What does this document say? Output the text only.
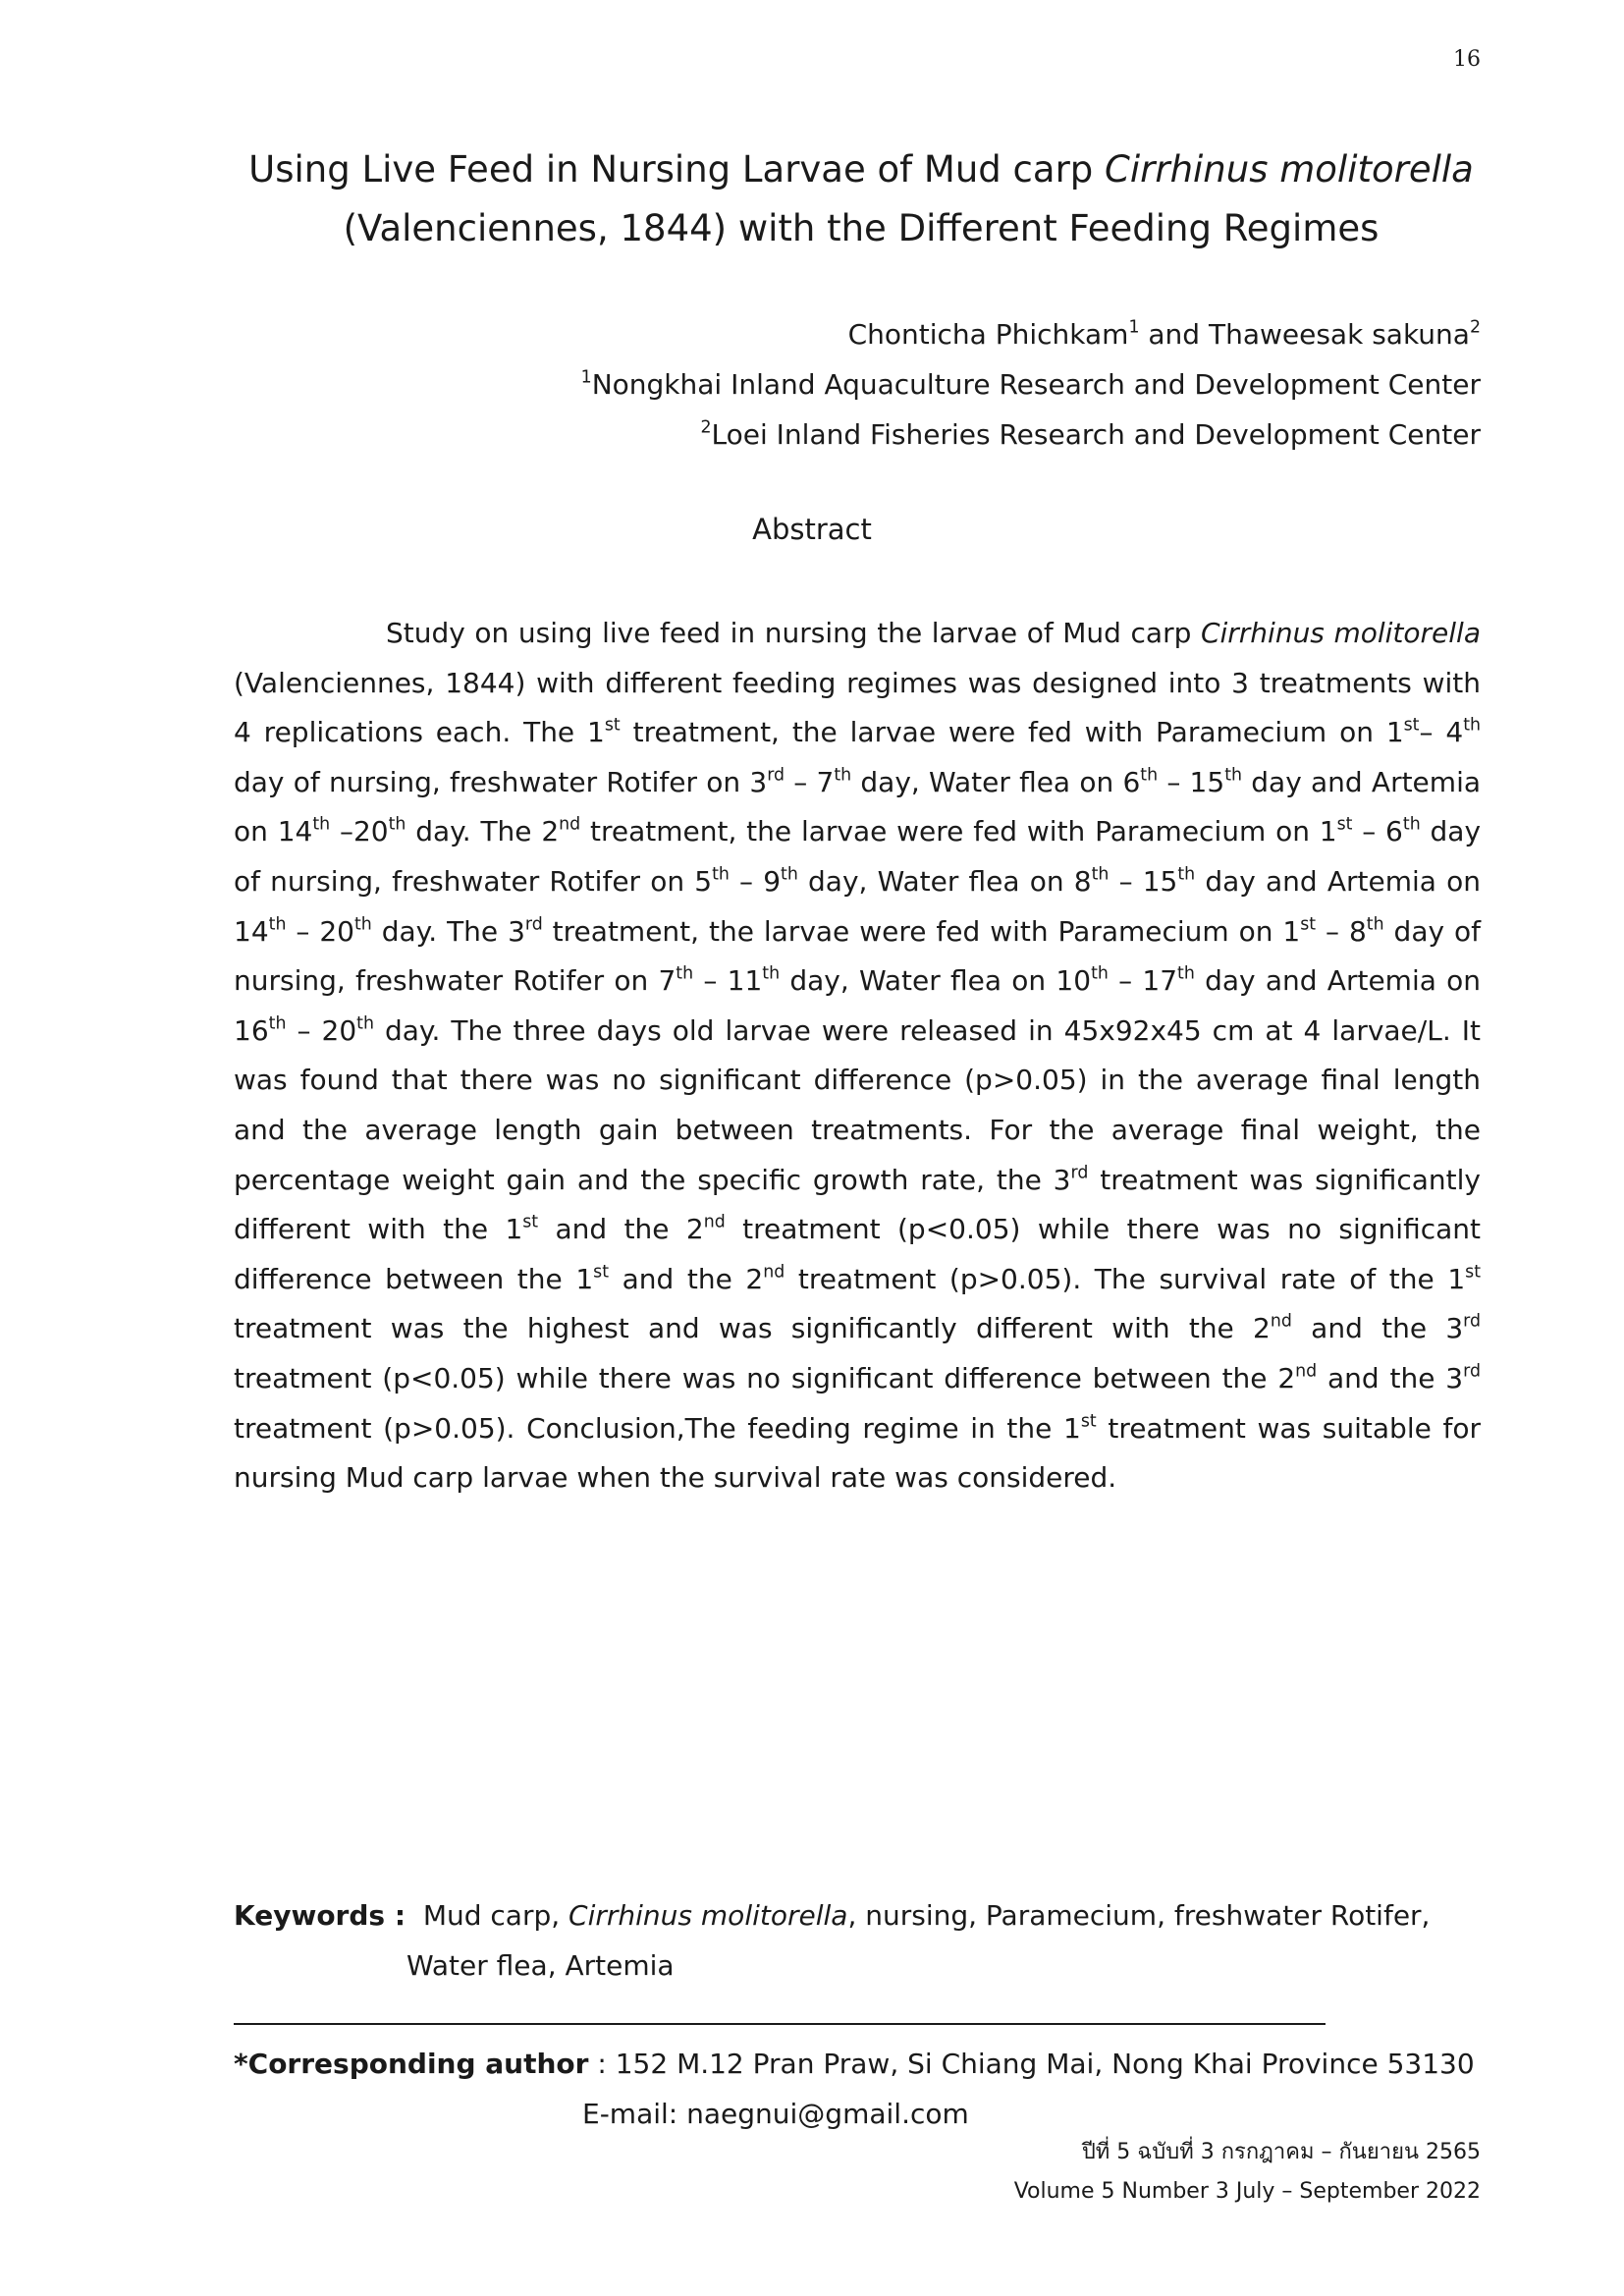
16
Using Live Feed in Nursing Larvae of Mud carp Cirrhinus molitorella
(Valenciennes, 1844) with the Different Feeding Regimes
Chonticha Phichkam$^1$ and Thaweesak sakuna$^2$
$^1$Nongkhai Inland Aquaculture Research and Development Center
$^2$Loei Inland Fisheries Research and Development Center
Abstract

Study on using live feed in nursing the larvae of Mud carp Cirrhinus molitorella (Valenciennes, 1844) with different feeding regimes was designed into 3 treatments with 4 replications each. The 1st treatment, the larvae were fed with Paramecium on 1st– 4th day of nursing, freshwater Rotifer on 3rd – 7th day, Water flea on 6th – 15th day and Artemia on 14th –20th day. The 2nd treatment, the larvae were fed with Paramecium on 1st – 6th day of nursing, freshwater Rotifer on 5th – 9th day, Water flea on 8th – 15th day and Artemia on 14th – 20th day. The 3rd treatment, the larvae were fed with Paramecium on 1st – 8th day of nursing, freshwater Rotifer on 7th – 11th day, Water flea on 10th – 17th day and Artemia on 16th – 20th day. The three days old larvae were released in 45x92x45 cm at 4 larvae/L. It was found that there was no significant difference (p>0.05) in the average final length and the average length gain between treatments. For the average final weight, the percentage weight gain and the specific growth rate, the 3rd treatment was significantly different with the 1st and the 2nd treatment (p<0.05) while there was no significant difference between the 1st and the 2nd treatment (p>0.05). The survival rate of the 1st treatment was the highest and was significantly different with the 2nd and the 3rd treatment (p<0.05) while there was no significant difference between the 2nd and the 3rd treatment (p>0.05). Conclusion,The feeding regime in the 1st treatment was suitable for nursing Mud carp larvae when the survival rate was considered.

Keywords :  Mud carp, Cirrhinus molitorella, nursing, Paramecium, freshwater Rotifer,
Water flea, Artemia
*Corresponding author : 152 M.12 Pran Praw, Si Chiang Mai, Nong Khai Province 53130
E-mail: naegnui@gmail.com
ปีที่ 5 ฉบับที่ 3 กรกฎาคม – กันยายน 2565
Volume 5 Number 3 July – September 2022
